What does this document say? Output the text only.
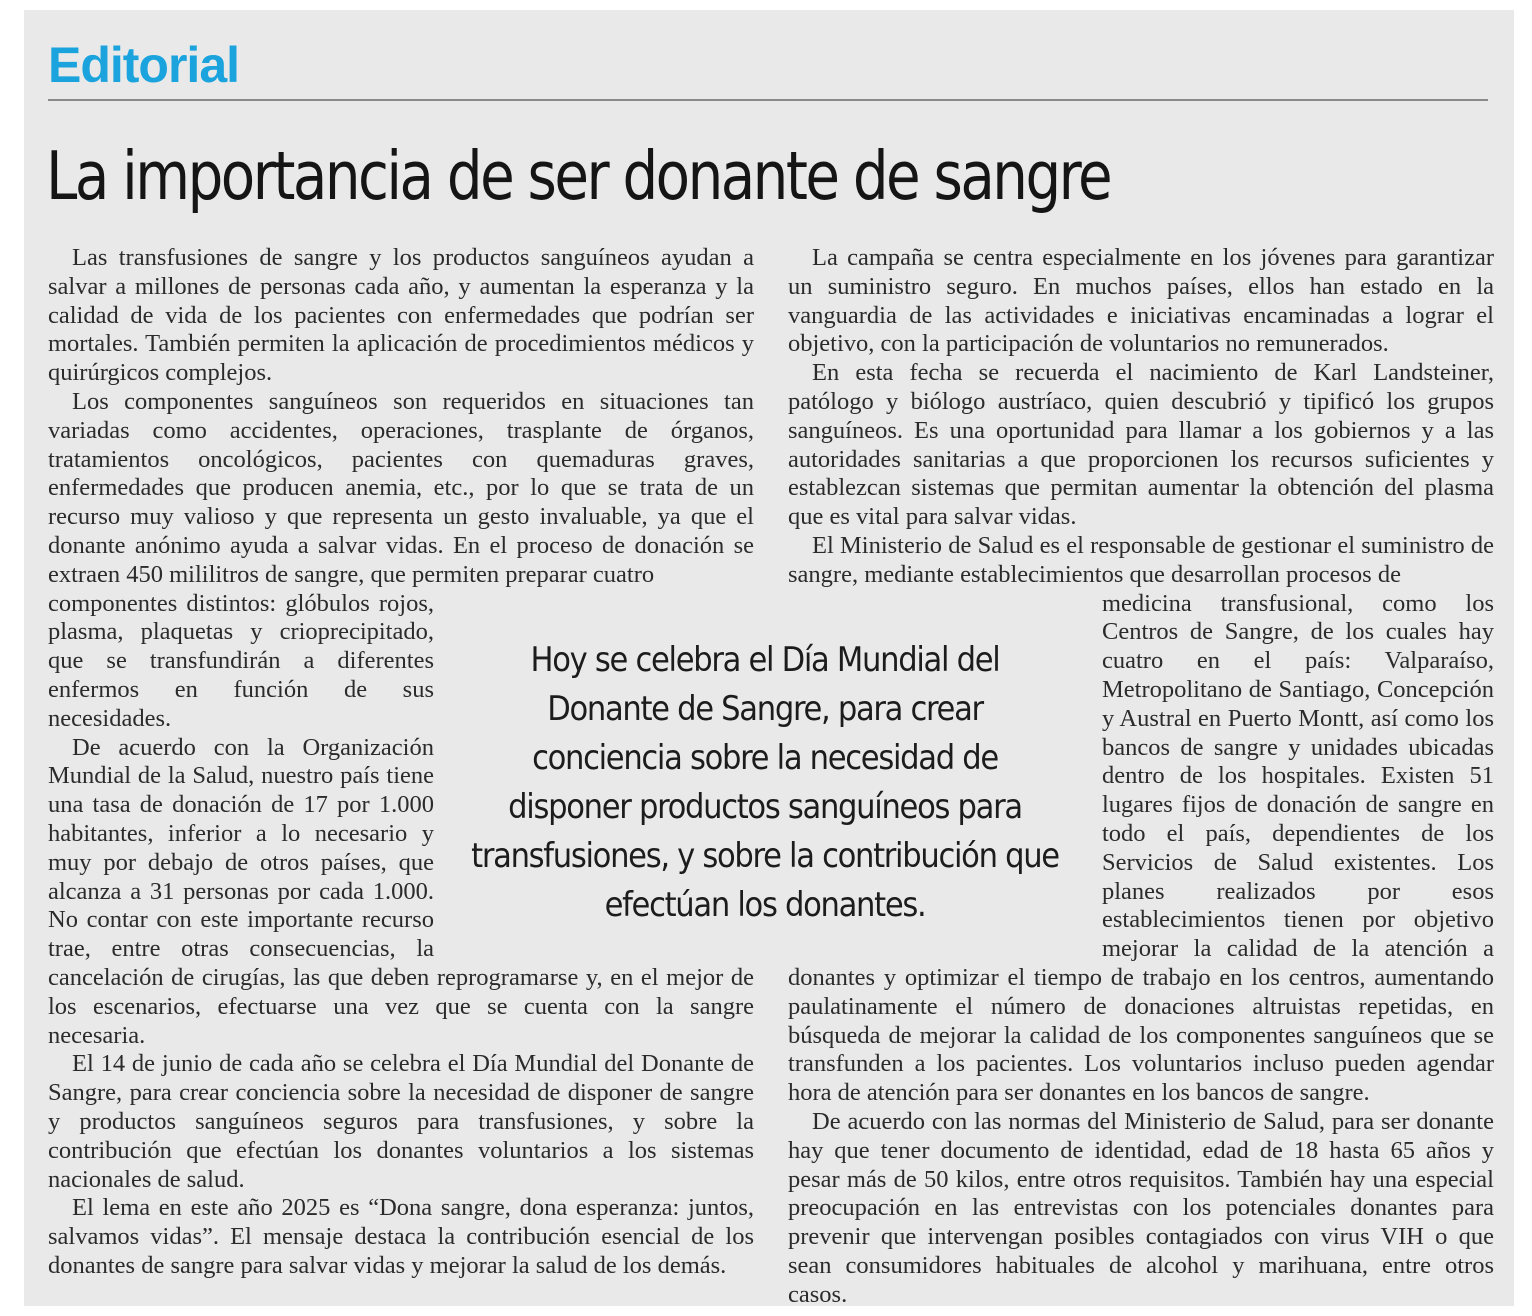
Editorial
La importancia de ser donante de sangre

Las transfusiones de sangre y los productos sanguíneos ayudan a salvar a millones de personas cada año, y aumentan la esperanza y la calidad de vida de los pacientes con enfermedades que podrían ser mortales. También permiten la aplicación de procedimientos médicos y quirúrgicos complejos.

Los componentes sanguíneos son requeridos en situaciones tan variadas como accidentes, operaciones, trasplante de órganos, tratamientos oncológicos, pacientes con quemaduras graves, enfermedades que producen anemia, etc., por lo que se trata de un recurso muy valioso y que representa un gesto invaluable, ya que el donante anónimo ayuda a salvar vidas. En el proceso de donación se extraen 450 mililitros de sangre, que permiten preparar cuatro

componentes distintos: glóbulos rojos, plasma, plaquetas y crioprecipitado, que se transfundirán a diferentes enfermos en función de sus necesidades.

De acuerdo con la Organización Mundial de la Salud, nuestro país tiene una tasa de donación de 17 por 1.000 habitantes, inferior a lo necesario y muy por debajo de otros países, que alcanza a 31 personas por cada 1.000. No contar con este importante recurso trae, entre otras consecuencias, la cancelación de cirugías, las que deben reprogramarse y, en el mejor de los escenarios, efectuarse una vez que se cuenta con la sangre necesaria.

El 14 de junio de cada año se celebra el Día Mundial del Donante de Sangre, para crear conciencia sobre la necesidad de disponer de sangre y productos sanguíneos seguros para transfusiones, y sobre la contribución que efectúan los donantes voluntarios a los sistemas nacionales de salud.

El lema en este año 2025 es “Dona sangre, dona esperanza: juntos, salvamos vidas”. El mensaje destaca la contribución esencial de los donantes de sangre para salvar vidas y mejorar la salud de los demás.

La campaña se centra especialmente en los jóvenes para garantizar un suministro seguro. En muchos países, ellos han estado en la vanguardia de las actividades e iniciativas encaminadas a lograr el objetivo, con la participación de voluntarios no remunerados.

En esta fecha se recuerda el nacimiento de Karl Landsteiner, patólogo y biólogo austríaco, quien descubrió y tipificó los grupos sanguíneos. Es una oportunidad para llamar a los gobiernos y a las autoridades sanitarias a que proporcionen los recursos suficientes y establezcan sistemas que permitan aumentar la obtención del plasma que es vital para salvar vidas.

El Ministerio de Salud es el responsable de gestionar el suministro de sangre, mediante establecimientos que desarrollan procesos de

medicina transfusional, como los Centros de Sangre, de los cuales hay cuatro en el país: Valparaíso, Metropolitano de Santiago, Concepción y Austral en Puerto Montt, así como los bancos de sangre y unidades ubicadas dentro de los hospitales. Existen 51 lugares fijos de donación de sangre en todo el país, dependientes de los Servicios de Salud existentes. Los planes realizados por esos establecimientos tienen por objetivo mejorar la calidad de la atención a donantes y optimizar el tiempo de trabajo en los centros, aumentando paulatinamente el número de donaciones altruistas repetidas, en búsqueda de mejorar la calidad de los componentes sanguíneos que se transfunden a los pacientes. Los voluntarios incluso pueden agendar hora de atención para ser donantes en los bancos de sangre.

De acuerdo con las normas del Ministerio de Salud, para ser donante hay que tener documento de identidad, edad de 18 hasta 65 años y pesar más de 50 kilos, entre otros requisitos. También hay una especial preocupación en las entrevistas con los potenciales donantes para prevenir que intervengan posibles contagiados con virus VIH o que sean consumidores habituales de alcohol y marihuana, entre otros casos.

Hoy se celebra el Día Mundial del Donante de Sangre, para crear conciencia sobre la necesidad de disponer productos sanguíneos para transfusiones, y sobre la contribución que efectúan los donantes.
